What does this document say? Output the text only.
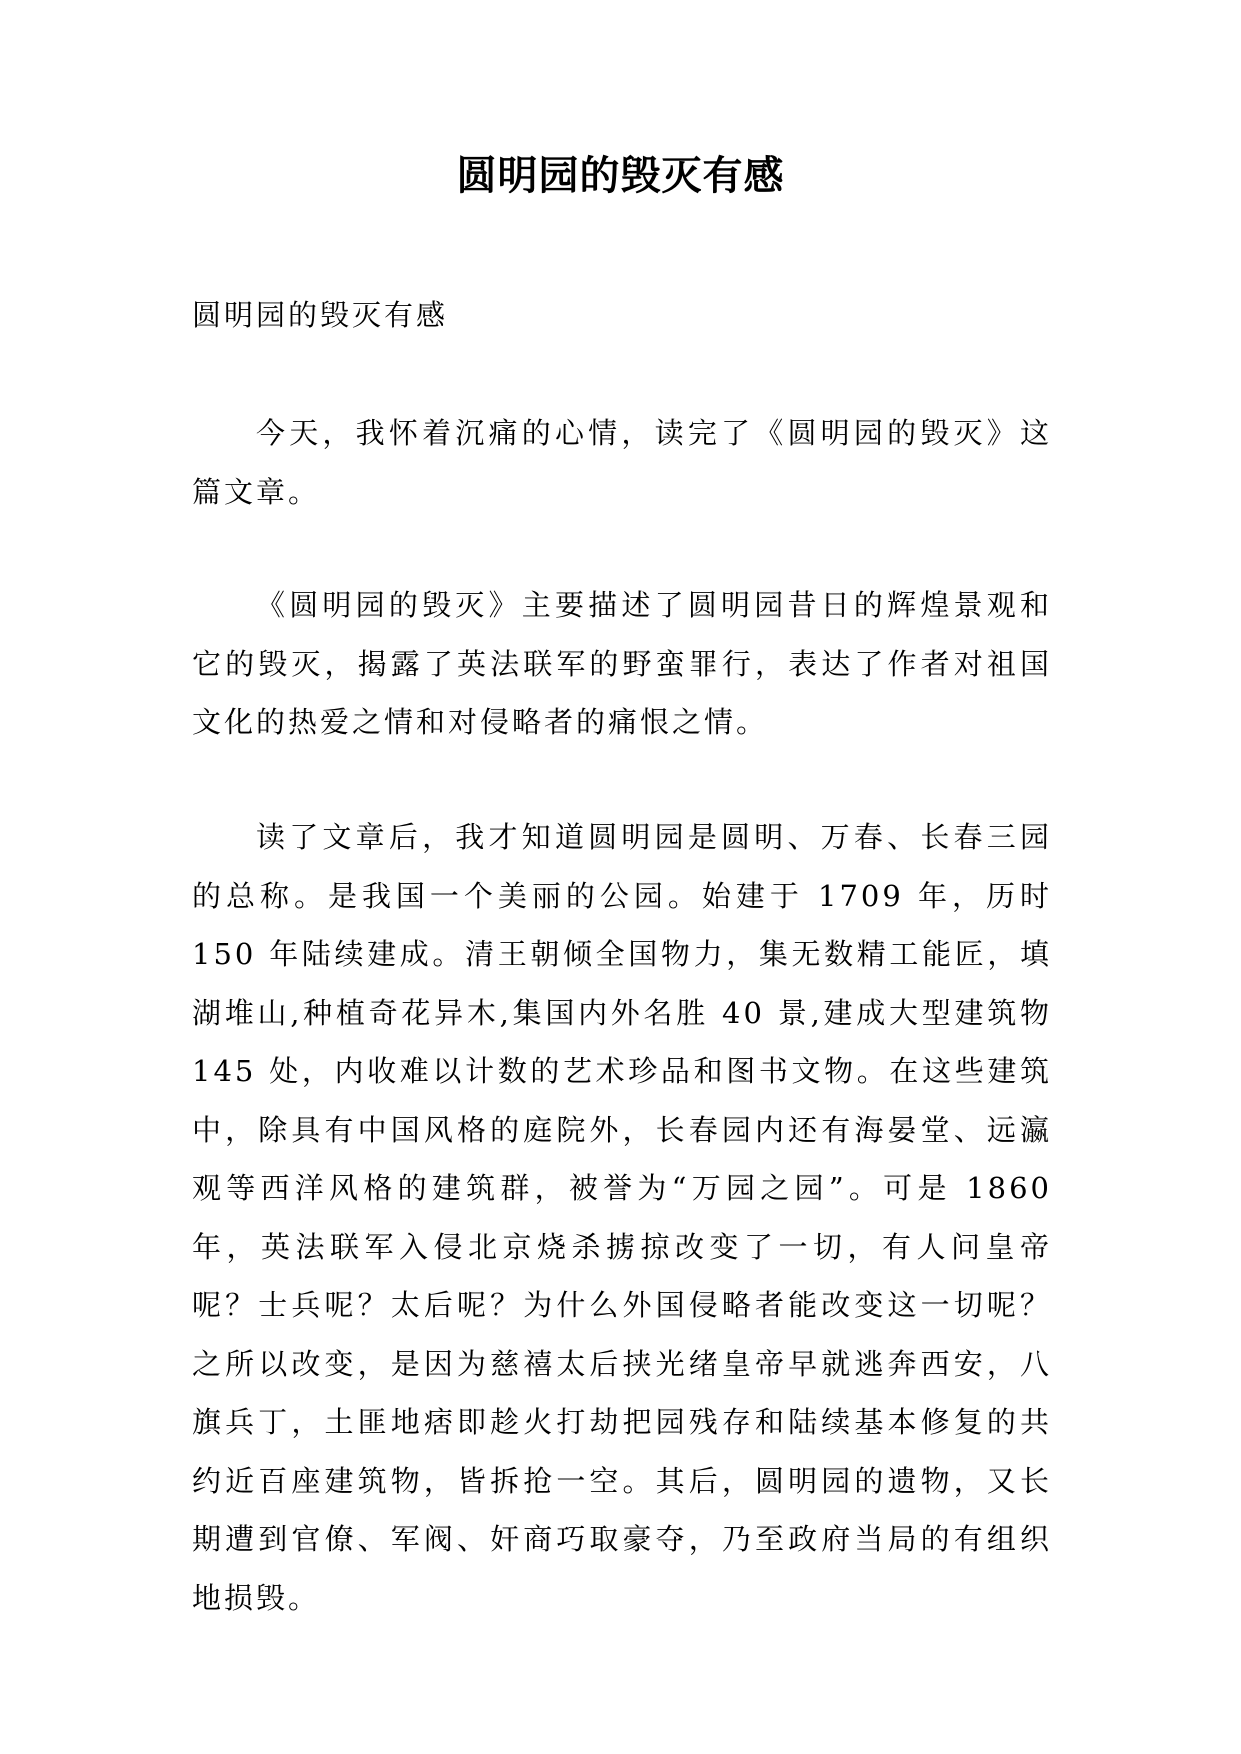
圆明园的毁灭有感

圆明园的毁灭有感

今天，我怀着沉痛的心情，读完了《圆明园的毁灭》这篇文章。

《圆明园的毁灭》主要描述了圆明园昔日的辉煌景观和它的毁灭，揭露了英法联军的野蛮罪行，表达了作者对祖国文化的热爱之情和对侵略者的痛恨之情。

读了文章后，我才知道圆明园是圆明、万春、长春三园的总称。是我国一个美丽的公园。始建于 1709 年，历时 150 年陆续建成。清王朝倾全国物力，集无数精工能匠，填湖堆山,种植奇花异木,集国内外名胜 40 景,建成大型建筑物 145 处，内收难以计数的艺术珍品和图书文物。在这些建筑中，除具有中国风格的庭院外，长春园内还有海晏堂、远瀛观等西洋风格的建筑群，被誉为“万园之园”。可是 1860 年，英法联军入侵北京烧杀掳掠改变了一切，有人问皇帝呢？士兵呢？太后呢？为什么外国侵略者能改变这一切呢？之所以改变，是因为慈禧太后挟光绪皇帝早就逃奔西安，八旗兵丁，土匪地痞即趁火打劫把园残存和陆续基本修复的共约近百座建筑物，皆拆抢一空。其后，圆明园的遗物，又长期遭到官僚、军阀、奸商巧取豪夺，乃至政府当局的有组织地损毁。
